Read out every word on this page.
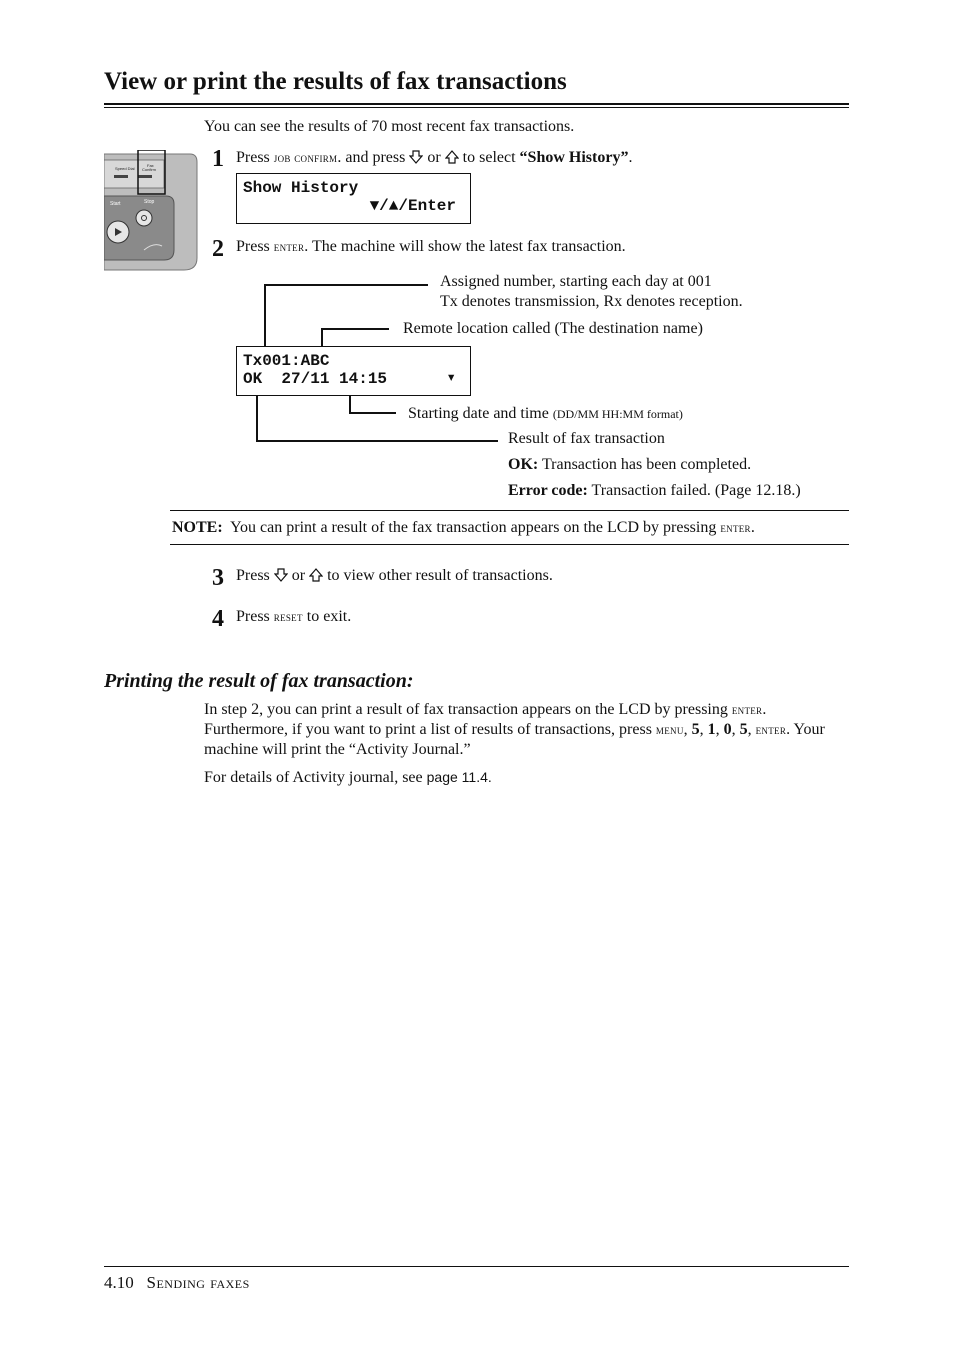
View or print the results of fax transactions
You can see the results of 70 most recent fax transactions.
Speed Dial
Fax
Confirm
Start	Stop
1 Press job confirm. and press or to select “Show History”.
Show History
▼/▲/Enter
2 Press enter. The machine will show the latest fax transaction.
Tx001:ABC
OK  27/11 14:15	▾
Assigned number, starting each day at 001
Tx denotes transmission, Rx denotes reception.
Remote location called (The destination name)
Starting date and time (DD/MM HH:MM format)
Result of fax transaction
OK: Transaction has been completed.
Error code: Transaction failed. (Page 12.18.)
NOTE: You can print a result of the fax transaction appears on the LCD by pressing enter.
3 Press or to view other result of transactions.
4 Press reset to exit.
Printing the result of fax transaction:
In step 2, you can print a result of fax transaction appears on the LCD by pressing enter. Furthermore, if you want to print a list of results of transactions, press menu, 5, 1, 0, 5, enter. Your machine will print the “Activity Journal.”
For details of Activity journal, see page 11.4.
4.10 Sending faxes
